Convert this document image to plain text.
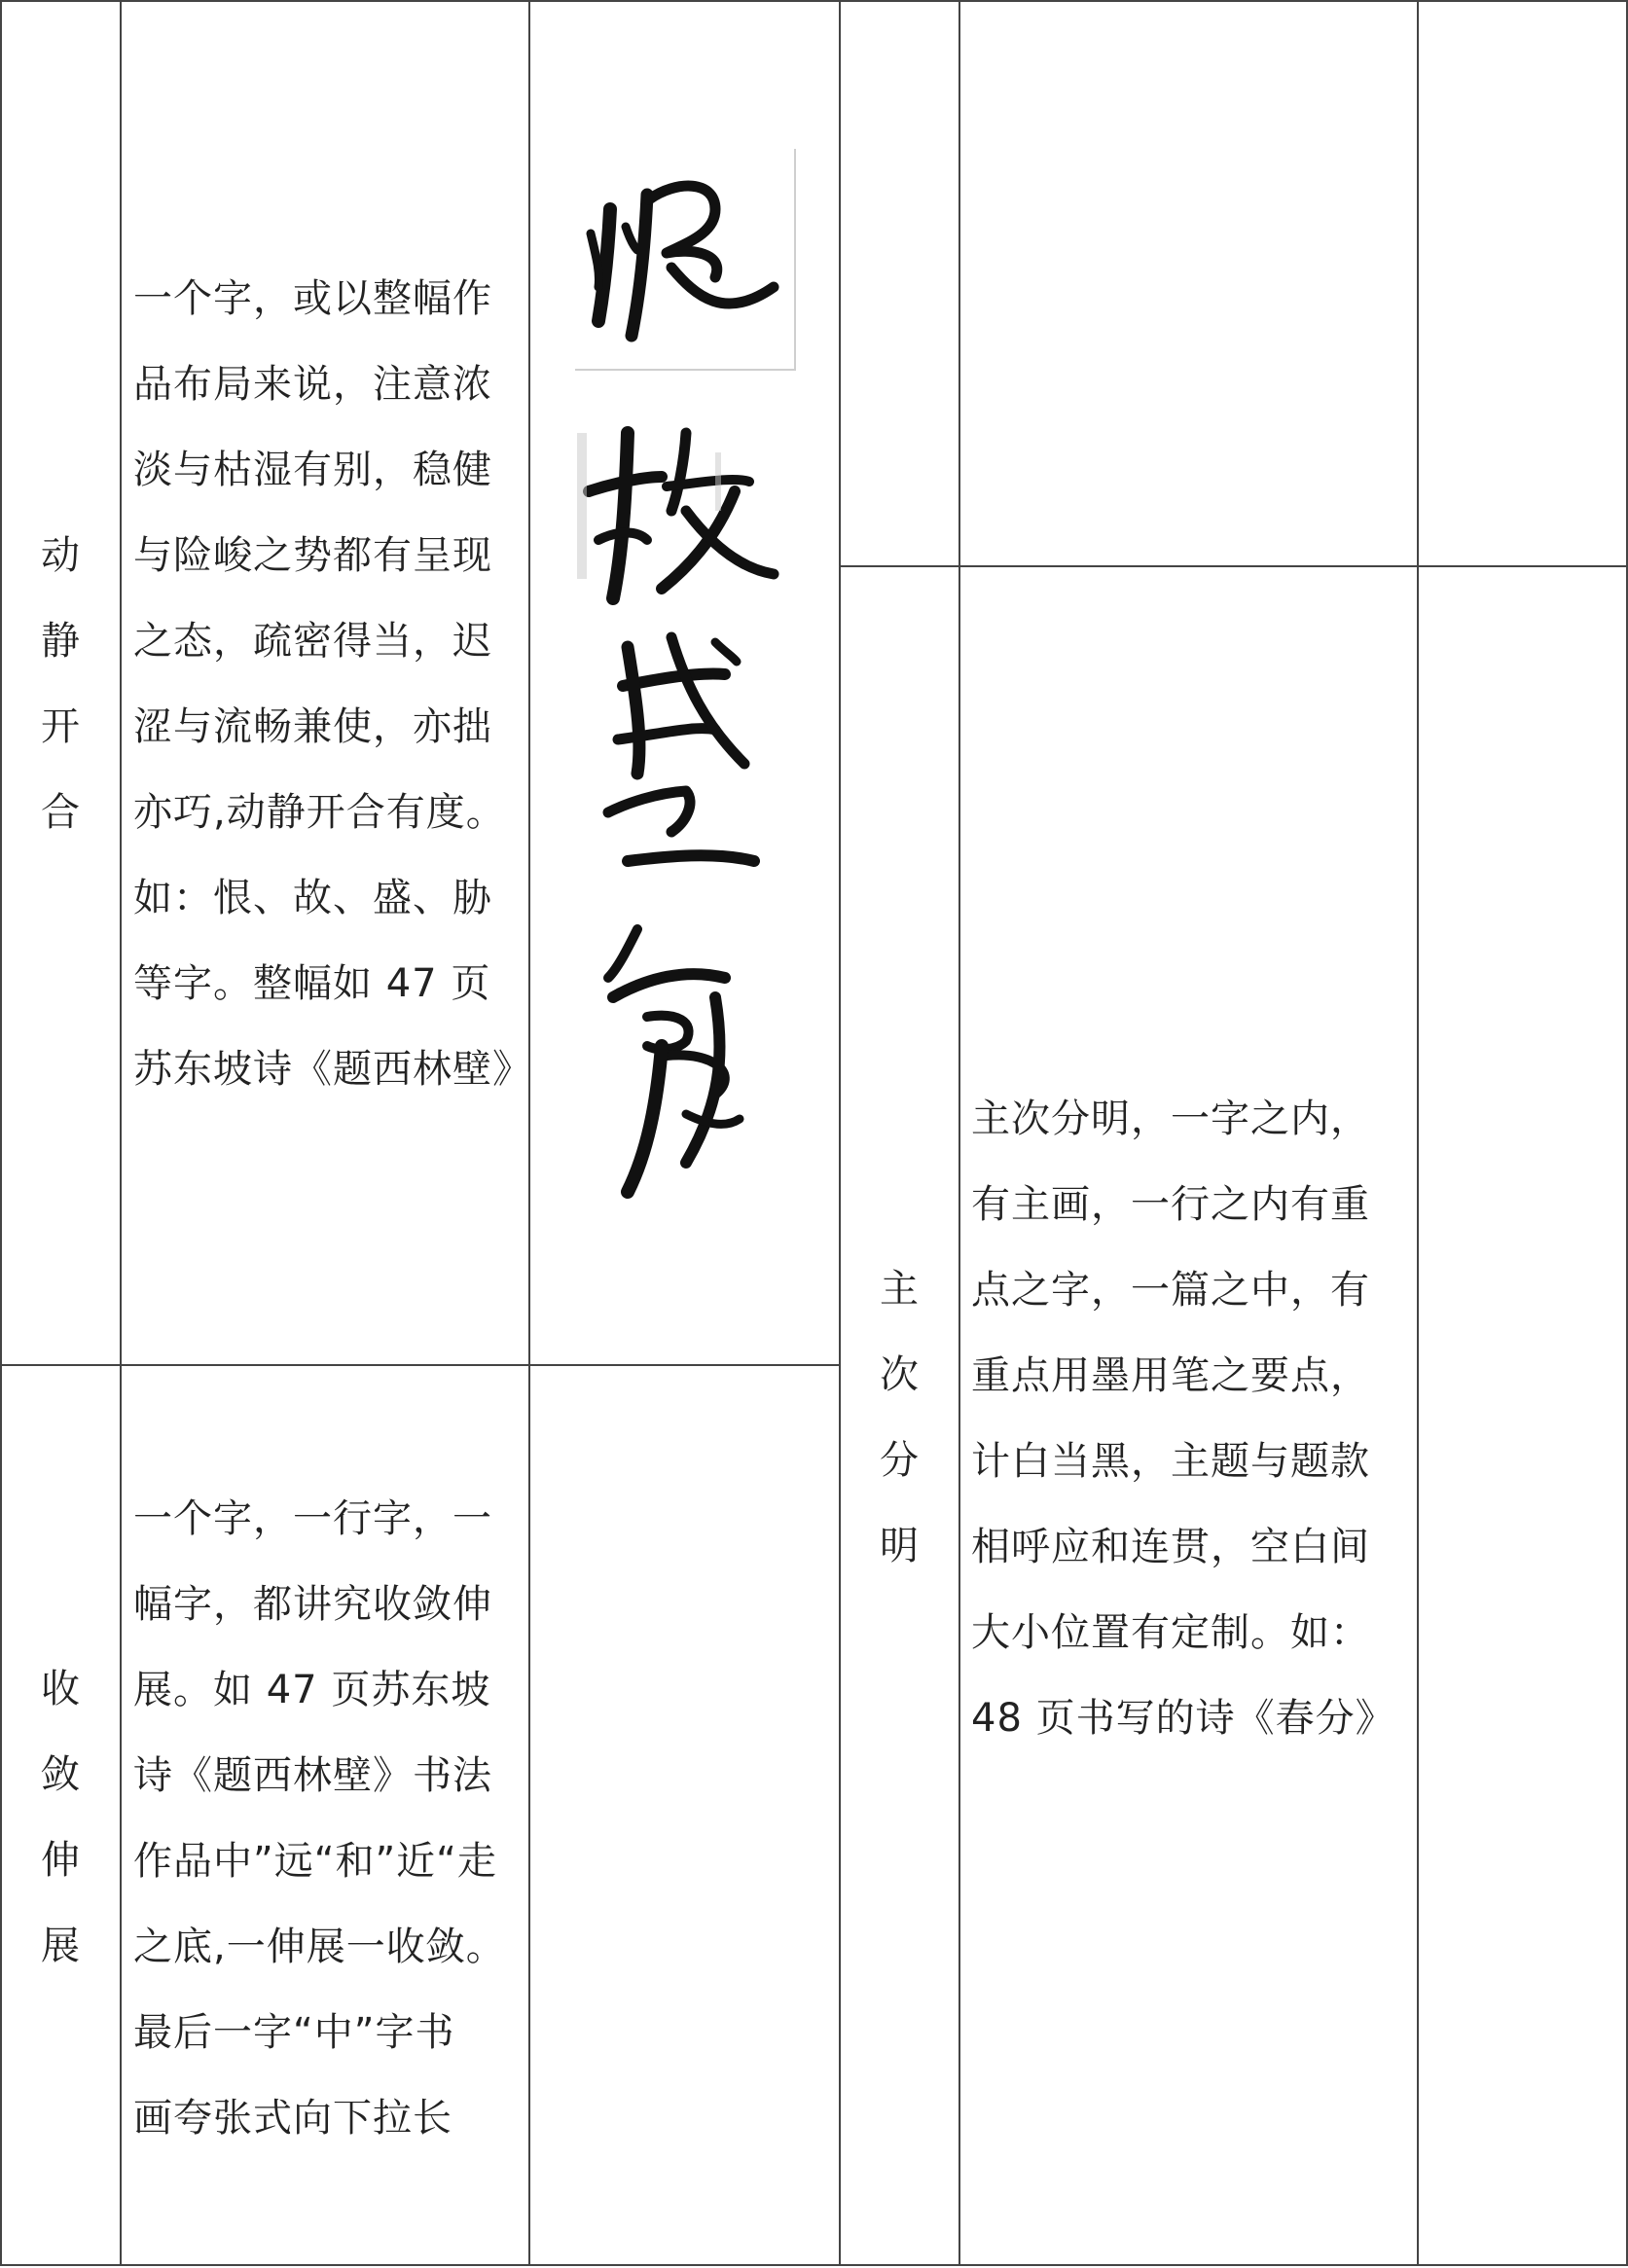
动
静
开
合

一个字，或以整幅作
品布局来说，注意浓
淡与枯湿有别，稳健
与险峻之势都有呈现
之态，疏密得当，迟
涩与流畅兼使，亦拙
亦巧,动静开合有度。
如：恨、故、盛、胁
等字。整幅如 47 页
苏东坡诗《题西林壁》

收
敛
伸
展

一个字，一行字，一
幅字，都讲究收敛伸
展。如 47 页苏东坡
诗《题西林壁》书法
作品中”远“和”近“走
之底,一伸展一收敛。
最后一字“中”字书
画夸张式向下拉长

主
次
分
明

主次分明，一字之内，
有主画，一行之内有重
点之字，一篇之中，有
重点用墨用笔之要点，
计白当黑，主题与题款
相呼应和连贯，空白间
大小位置有定制。如：
48 页书写的诗《春分》
